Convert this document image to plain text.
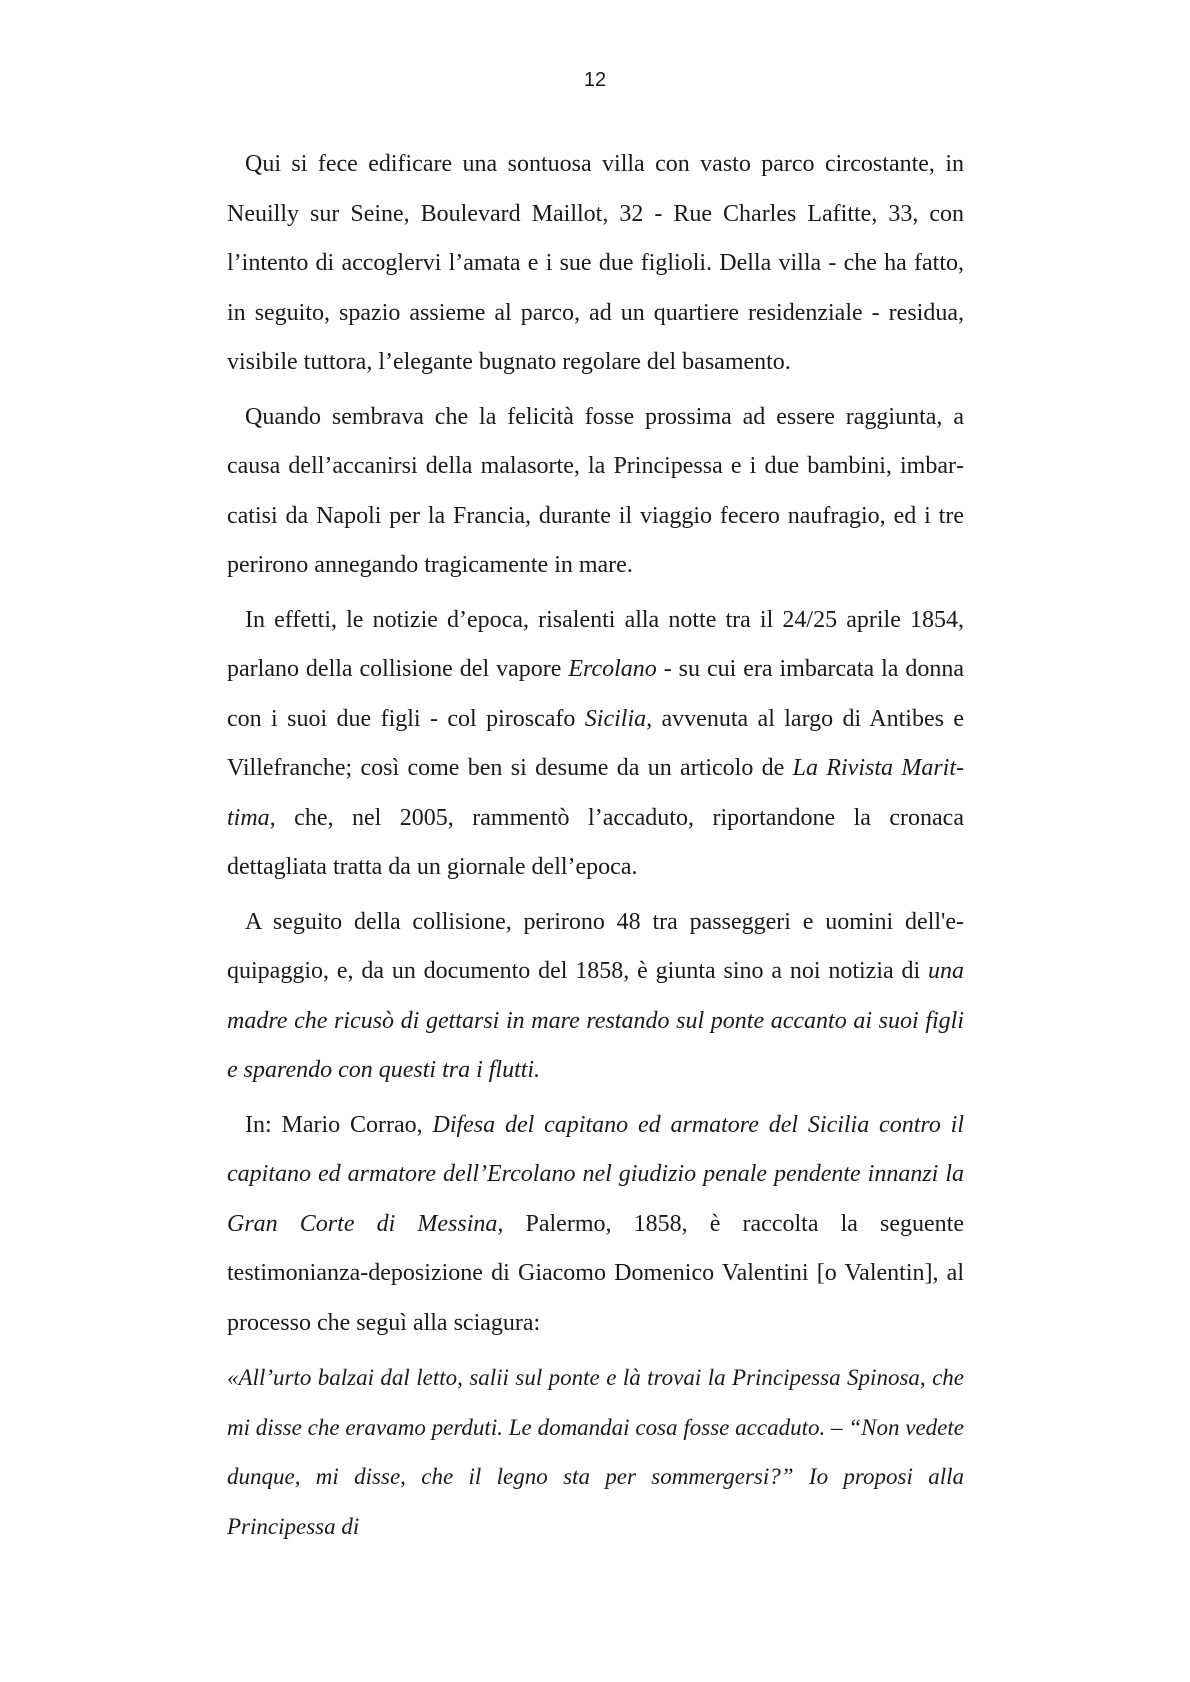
12

Qui si fece edificare una sontuosa villa con vasto parco circostante, in Neuilly sur Seine, Boulevard Maillot, 32 - Rue Charles Lafitte, 33, con l’intento di accoglervi l’amata e i sue due figlioli. Della villa - che ha fatto, in seguito, spazio assieme al parco, ad un quartiere residenziale - residua, visibile tuttora, l’elegante bugnato regolare del basamento.

Quando sembrava che la felicità fosse prossima ad essere raggiunta, a causa dell’accanirsi della malasorte, la Principessa e i due bambini, imbarcatisi da Napoli per la Francia, durante il viaggio fecero naufragio, ed i tre perirono annegando tragicamente in mare.

In effetti, le notizie d’epoca, risalenti alla notte tra il 24/25 aprile 1854, parlano della collisione del vapore Ercolano - su cui era imbarcata la donna con i suoi due figli - col piroscafo Sicilia, avvenuta al largo di Antibes e Villefranche; così come ben si desume da un articolo de La Rivista Marittima, che, nel 2005, rammentò l’accaduto, riportandone la cronaca dettagliata tratta da un giornale dell’epoca.

A seguito della collisione, perirono 48 tra passeggeri e uomini dell'equipaggio, e, da un documento del 1858, è giunta sino a noi notizia di una madre che ricusò di gettarsi in mare restando sul ponte accanto ai suoi figli e sparendo con questi tra i flutti.

In: Mario Corrao, Difesa del capitano ed armatore del Sicilia contro il capitano ed armatore dell’Ercolano nel giudizio penale pendente innanzi la Gran Corte di Messina, Palermo, 1858, è raccolta la seguente testimonianza-deposizione di Giacomo Domenico Valentini [o Valentin], al processo che seguì alla sciagura:

«All’urto balzai dal letto, salii sul ponte e là trovai la Principessa Spinosa, che mi disse che eravamo perduti. Le domandai cosa fosse accaduto. – “Non vedete dunque, mi disse, che il legno sta per sommergersi?” Io proposi alla Principessa di
